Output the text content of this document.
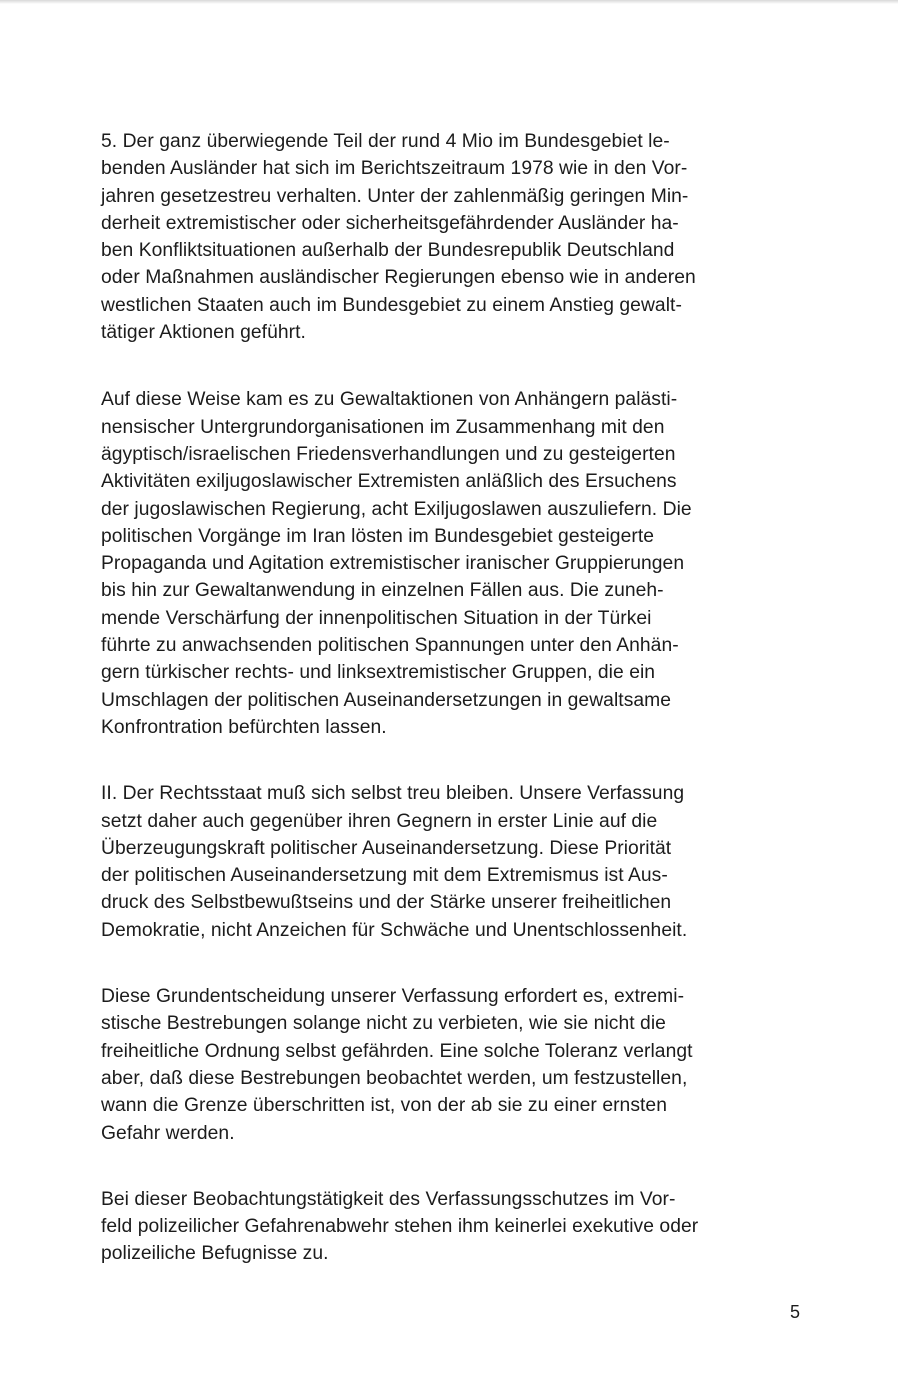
5. Der ganz überwiegende Teil der rund 4 Mio im Bundesgebiet le-
benden Ausländer hat sich im Berichtszeitraum 1978 wie in den Vor-
jahren gesetzestreu verhalten. Unter der zahlenmäßig geringen Min-
derheit extremistischer oder sicherheitsgefährdender Ausländer ha-
ben Konfliktsituationen außerhalb der Bundesrepublik Deutschland
oder Maßnahmen ausländischer Regierungen ebenso wie in anderen
westlichen Staaten auch im Bundesgebiet zu einem Anstieg gewalt-
tätiger Aktionen geführt.
Auf diese Weise kam es zu Gewaltaktionen von Anhängern palästi-
nensischer Untergrundorganisationen im Zusammenhang mit den
ägyptisch/israelischen Friedensverhandlungen und zu gesteigerten
Aktivitäten exiljugoslawischer Extremisten anläßlich des Ersuchens
der jugoslawischen Regierung, acht Exiljugoslawen auszuliefern. Die
politischen Vorgänge im Iran lösten im Bundesgebiet gesteigerte
Propaganda und Agitation extremistischer iranischer Gruppierungen
bis hin zur Gewaltanwendung in einzelnen Fällen aus. Die zuneh-
mende Verschärfung der innenpolitischen Situation in der Türkei
führte zu anwachsenden politischen Spannungen unter den Anhän-
gern türkischer rechts- und linksextremistischer Gruppen, die ein
Umschlagen der politischen Auseinandersetzungen in gewaltsame
Konfrontration befürchten lassen.
II. Der Rechtsstaat muß sich selbst treu bleiben. Unsere Verfassung
setzt daher auch gegenüber ihren Gegnern in erster Linie auf die
Überzeugungskraft politischer Auseinandersetzung. Diese Priorität
der politischen Auseinandersetzung mit dem Extremismus ist Aus-
druck des Selbstbewußtseins und der Stärke unserer freiheitlichen
Demokratie, nicht Anzeichen für Schwäche und Unentschlossenheit.
Diese Grundentscheidung unserer Verfassung erfordert es, extremi-
stische Bestrebungen solange nicht zu verbieten, wie sie nicht die
freiheitliche Ordnung selbst gefährden. Eine solche Toleranz verlangt
aber, daß diese Bestrebungen beobachtet werden, um festzustellen,
wann die Grenze überschritten ist, von der ab sie zu einer ernsten
Gefahr werden.
Bei dieser Beobachtungstätigkeit des Verfassungsschutzes im Vor-
feld polizeilicher Gefahrenabwehr stehen ihm keinerlei exekutive oder
polizeiliche Befugnisse zu.
5
